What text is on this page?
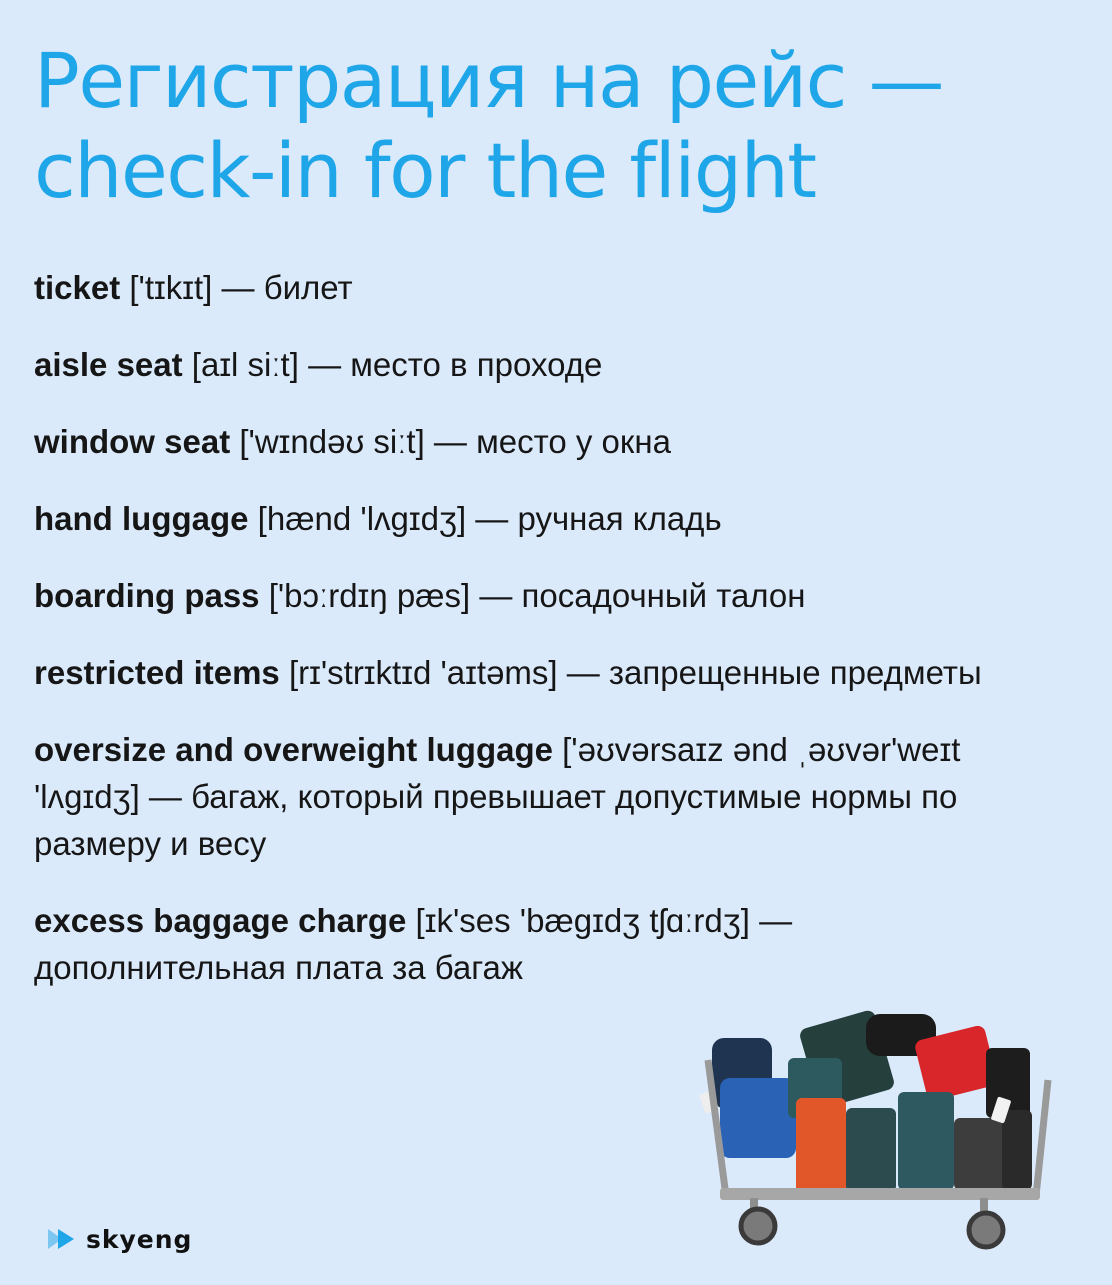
Регистрация на рейс —
check-in for the flight
ticket ['tɪkɪt] — билет
aisle seat [aɪl siːt] — место в проходе
window seat ['wɪndəʊ siːt] — место у окна
hand luggage [hænd 'lʌgɪdʒ] — ручная кладь
boarding pass ['bɔːrdɪŋ pæs] — посадочный талон
restricted items [rɪ'strɪktɪd 'aɪtəms] — запрещенные предметы
oversize and overweight luggage ['əʊvərsaɪz ənd ˌəʊvər'weɪt 'lʌgɪdʒ] — багаж, который превышает допустимые нормы по размеру и весу
excess baggage charge [ɪk'ses 'bægɪdʒ tʃɑːrdʒ] — дополнительная плата за багаж
skyeng
